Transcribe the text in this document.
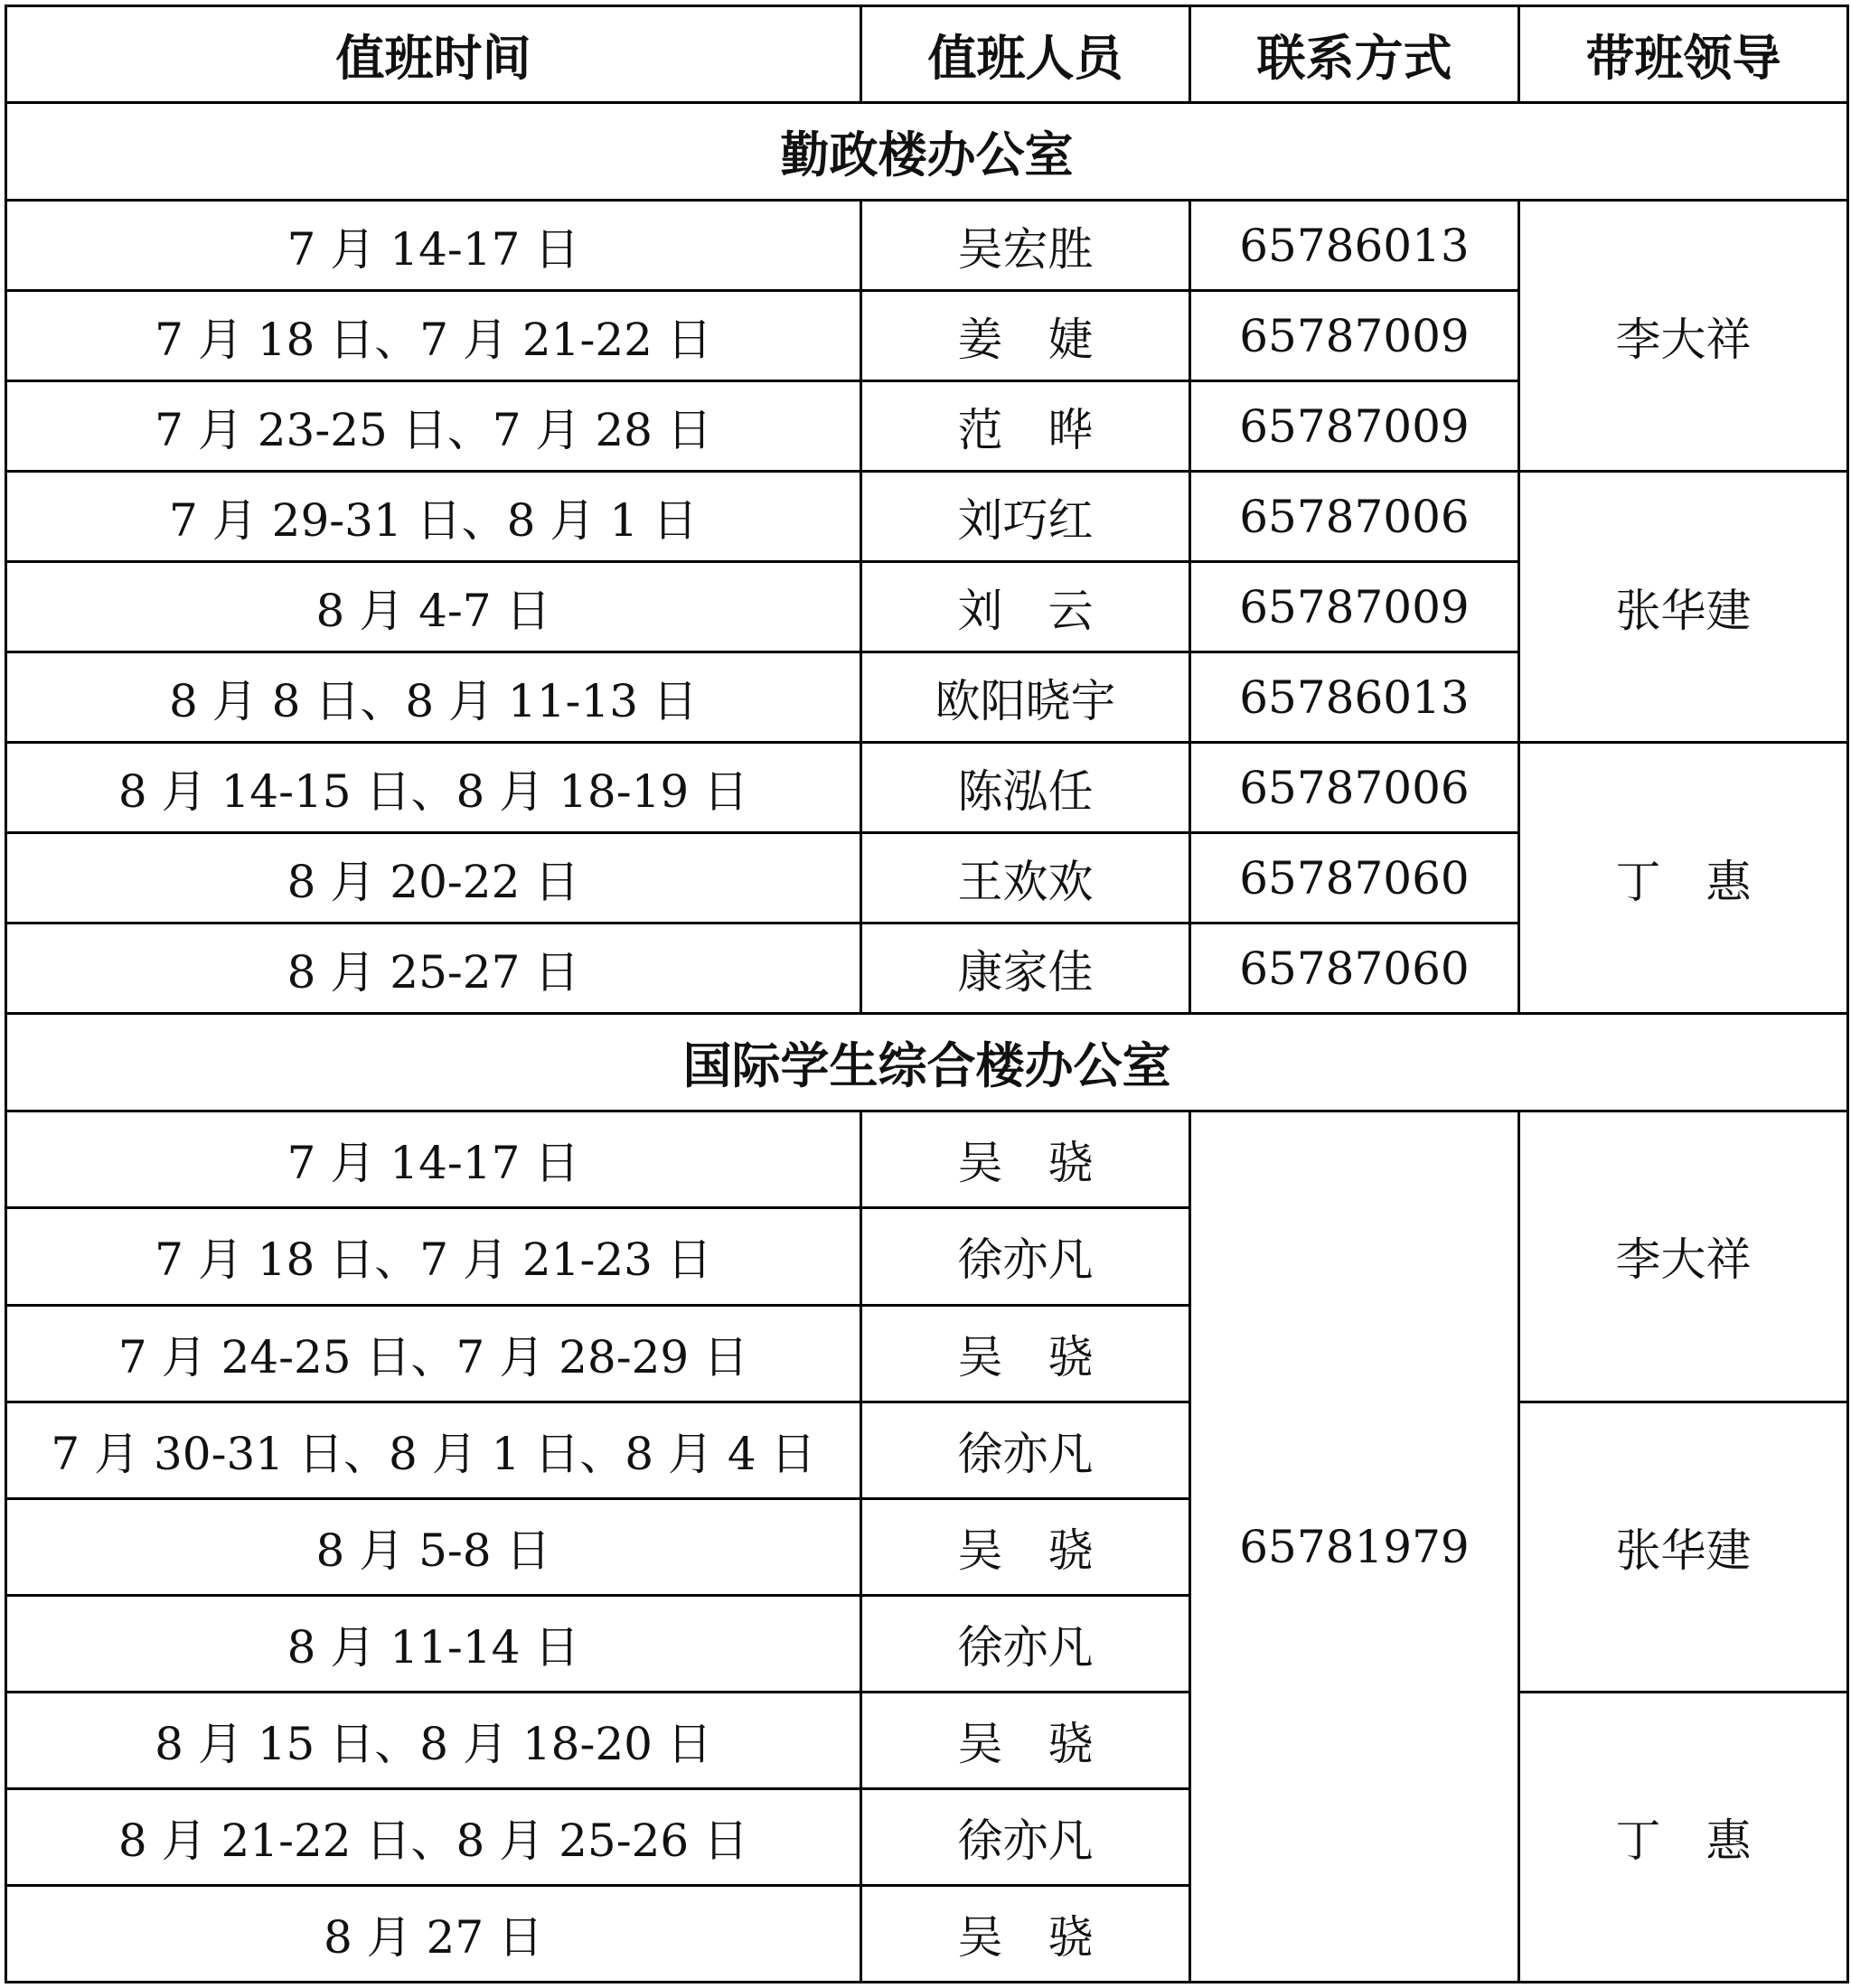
值班时间	值班人员	联系方式	带班领导
勤政楼办公室			
7 月 14-17 日	吴宏胜	65786013	李大祥
7 月 18 日、7 月 21-22 日	姜　婕	65787009	
7 月 23-25 日、7 月 28 日	范　晔	65787009	
7 月 29-31 日、8 月 1 日	刘巧红	65787006	张华建
8 月 4-7 日	刘　云	65787009	
8 月 8 日、8 月 11-13 日	欧阳晓宇	65786013	
8 月 14-15 日、8 月 18-19 日	陈泓任	65787006	丁　惠
8 月 20-22 日	王欢欢	65787060	
8 月 25-27 日	康家佳	65787060	
国际学生综合楼办公室			
7 月 14-17 日	吴　骁	65781979	李大祥
7 月 18 日、7 月 21-23 日	徐亦凡		
7 月 24-25 日、7 月 28-29 日	吴　骁		
7 月 30-31 日、8 月 1 日、8 月 4 日	徐亦凡		张华建
8 月 5-8 日	吴　骁		
8 月 11-14 日	徐亦凡		
8 月 15 日、8 月 18-20 日	吴　骁		丁　惠
8 月 21-22 日、8 月 25-26 日	徐亦凡		
8 月 27 日	吴　骁		
